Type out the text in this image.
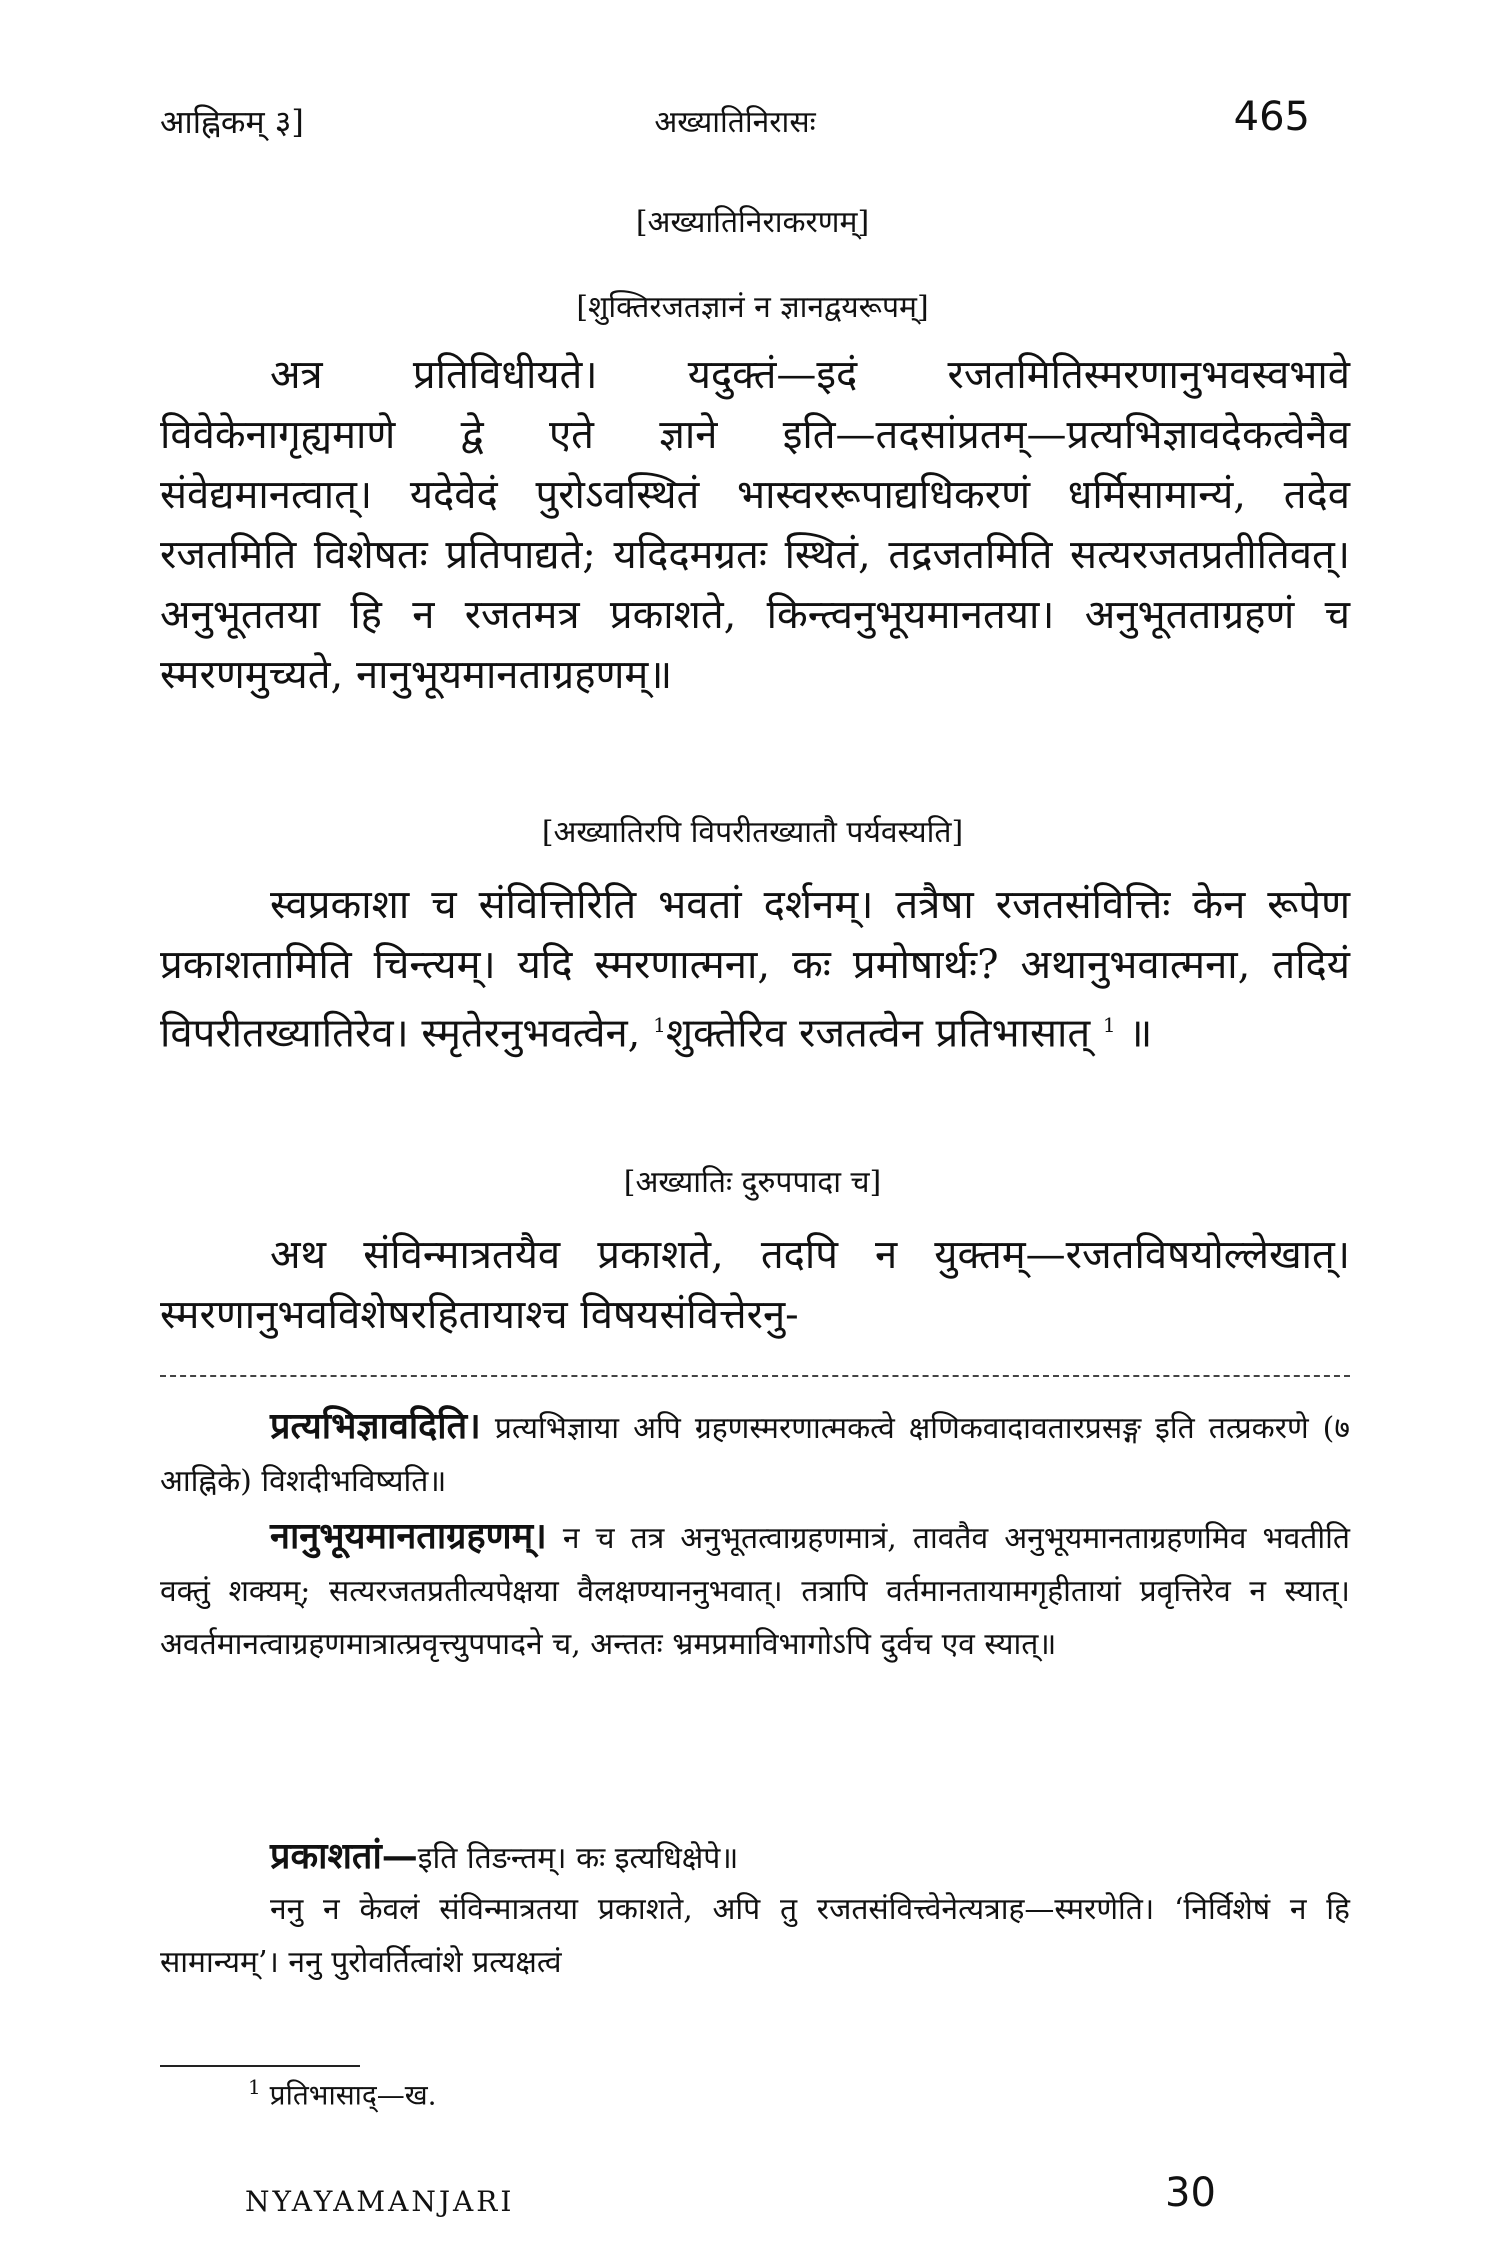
आह्निकम् ३]	अख्यातिनिरासः	465
[अख्यातिनिराकरणम्]
[शुक्तिरजतज्ञानं न ज्ञानद्वयरूपम्]

अत्र प्रतिविधीयते। यदुक्तं—इदं रजतमितिस्मरणानुभवस्वभावे विवेकेनागृह्यमाणे द्वे एते ज्ञाने इति—तदसांप्रतम्—प्रत्यभिज्ञावदेकत्वेनैव संवेद्यमानत्वात्। यदेवेदं पुरोऽवस्थितं भास्वररूपाद्यधिकरणं धर्मिसामान्यं, तदेव रजतमिति विशेषतः प्रतिपाद्यते; यदिदमग्रतः स्थितं, तद्रजतमिति सत्यरजतप्रतीतिवत्। अनुभूततया हि न रजतमत्र प्रकाशते, किन्त्वनुभूयमानतया। अनुभूतताग्रहणं च स्मरणमुच्यते, नानुभूयमानताग्रहणम्॥

[अख्यातिरपि विपरीतख्यातौ पर्यवस्यति]

स्वप्रकाशा च संवित्तिरिति भवतां दर्शनम्। तत्रैषा रजतसंवित्तिः केन रूपेण प्रकाशतामिति चिन्त्यम्। यदि स्मरणात्मना, कः प्रमोषार्थः? अथानुभवात्मना, तदियं विपरीतख्यातिरेव। स्मृतेरनुभवत्वेन, $^1$शुक्तेरिव रजतत्वेन प्रतिभासात् $^1$ ॥

[अख्यातिः दुरुपपादा च]

अथ संविन्मात्रतयैव प्रकाशते, तदपि न युक्तम्—रजतविषयोल्लेखात्। स्मरणानुभवविशेषरहितायाश्च विषयसंवित्तेरनु-

प्रत्यभिज्ञावदिति। प्रत्यभिज्ञाया अपि ग्रहणस्मरणात्मकत्वे क्षणिकवादावतारप्रसङ्ग इति तत्प्रकरणे (७ आह्निके) विशदीभविष्यति॥

नानुभूयमानताग्रहणम्। न च तत्र अनुभूतत्वाग्रहणमात्रं, तावतैव अनुभूयमानताग्रहणमिव भवतीति वक्तुं शक्यम्; सत्यरजतप्रतीत्यपेक्षया वैलक्षण्याननुभवात्। तत्रापि वर्तमानतायामगृहीतायां प्रवृत्तिरेव न स्यात्। अवर्तमानत्वाग्रहणमात्रात्प्रवृत्त्युपपादने च, अन्ततः भ्रमप्रमाविभागोऽपि दुर्वच एव स्यात्॥

प्रकाशतां—इति तिङन्तम्। कः इत्यधिक्षेपे॥

ननु न केवलं संविन्मात्रतया प्रकाशते, अपि तु रजतसंवित्त्वेनेत्यत्राह—स्मरणेति। ‘निर्विशेषं न हि सामान्यम्’। ननु पुरोवर्तित्वांशे प्रत्यक्षत्वं

$^1$ प्रतिभासाद्—ख.
NYAYAMANJARI	30
